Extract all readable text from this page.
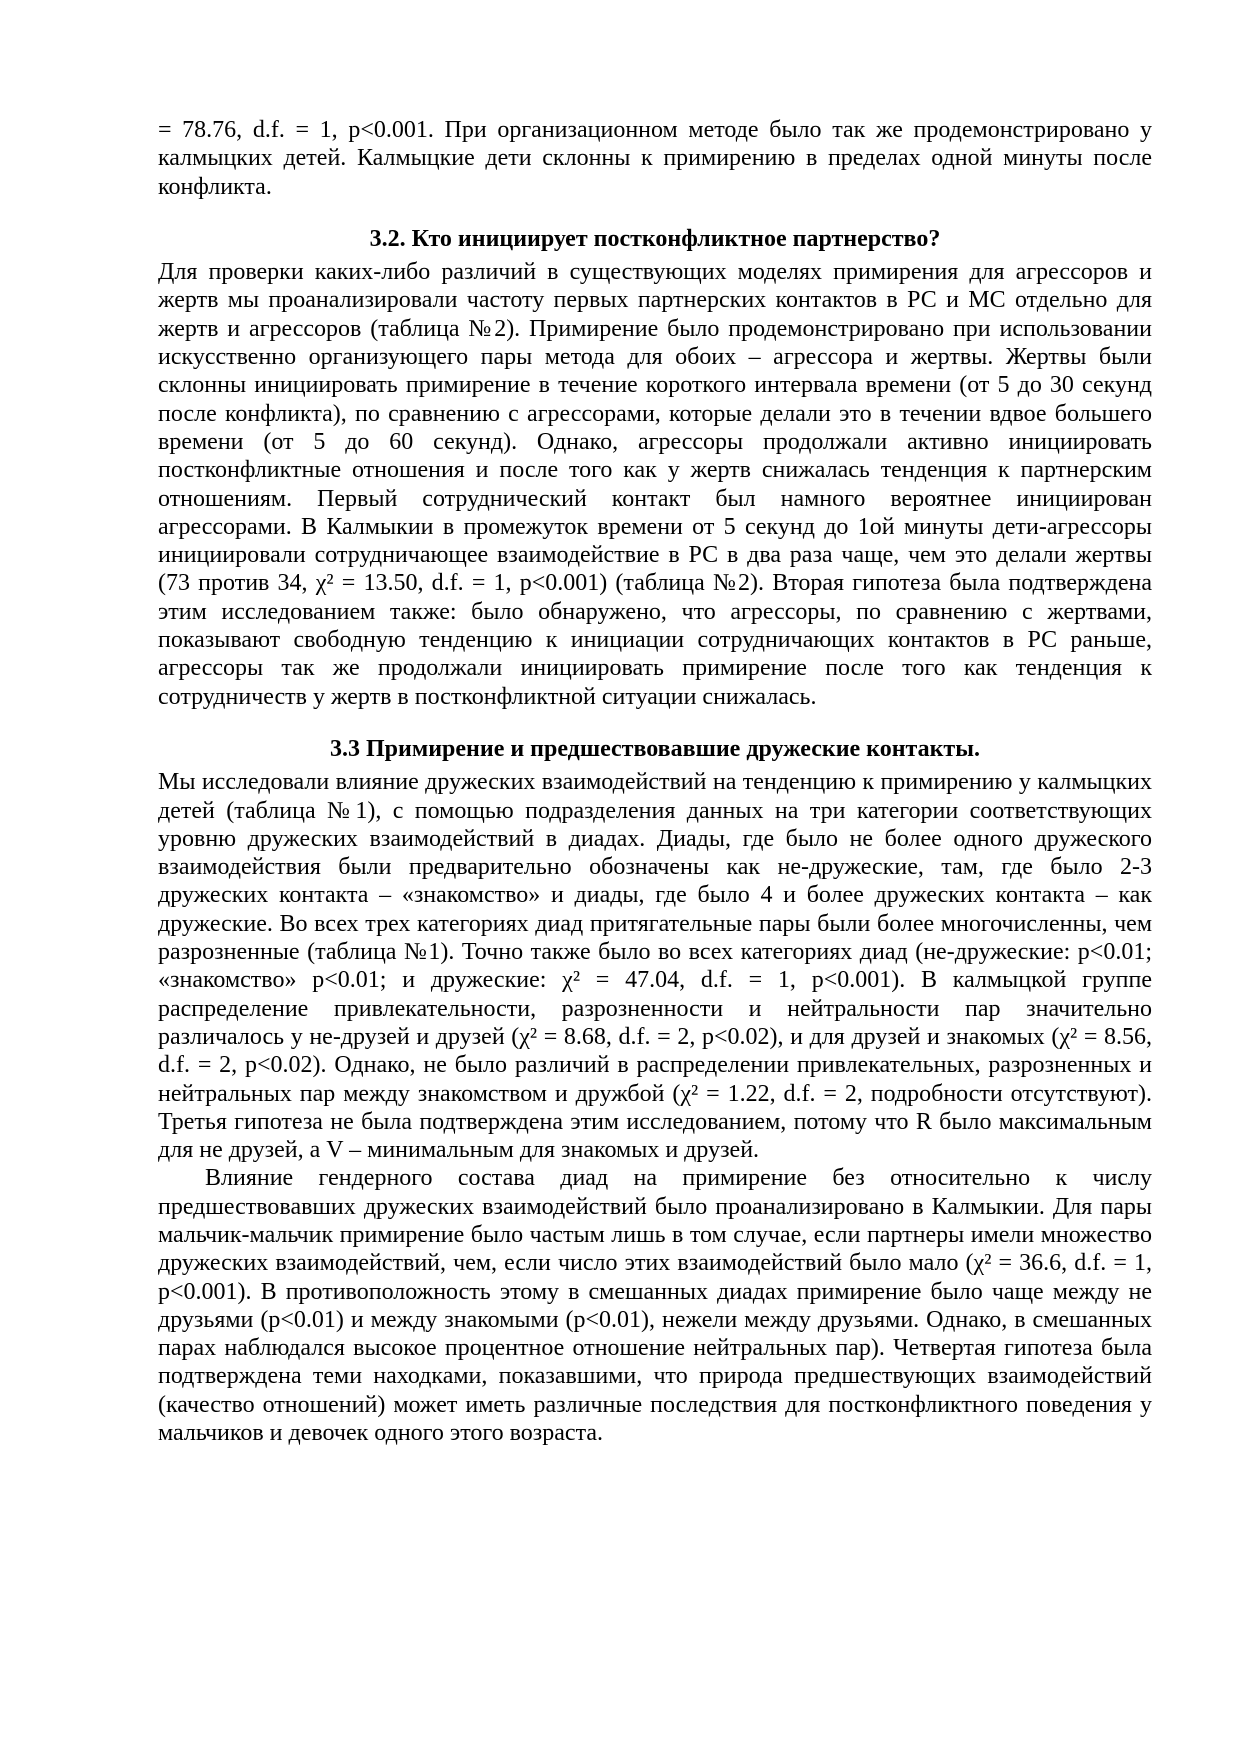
= 78.76, d.f. = 1, p<0.001. При организационном методе было так же продемонстрировано у калмыцких детей. Калмыцкие дети склонны к примирению в пределах одной минуты после конфликта.

3.2. Кто инициирует постконфликтное партнерство?

Для проверки каких-либо различий в существующих моделях примирения для агрессоров и жертв мы проанализировали частоту первых партнерских контактов в РС и МС отдельно для жертв и агрессоров (таблица №2). Примирение было продемонстрировано при использовании искусственно организующего пары метода для обоих – агрессора и жертвы. Жертвы были склонны инициировать примирение в течение короткого интервала времени (от 5 до 30 секунд после конфликта), по сравнению с агрессорами, которые делали это в течении вдвое большего времени (от 5 до 60 секунд). Однако, агрессоры продолжали активно инициировать постконфликтные отношения и после того как у жертв снижалась тенденция к партнерским отношениям. Первый сотруднический контакт был намного вероятнее инициирован агрессорами. В Калмыкии в промежуток времени от 5 секунд до 1ой минуты дети-агрессоры инициировали сотрудничающее взаимодействие в РС в два раза чаще, чем это делали жертвы (73 против 34, χ² = 13.50, d.f. = 1, p<0.001) (таблица №2). Вторая гипотеза была подтверждена этим исследованием также: было обнаружено, что агрессоры, по сравнению с жертвами, показывают свободную тенденцию к инициации сотрудничающих контактов в РС раньше, агрессоры так же продолжали инициировать примирение после того как тенденция к сотрудничеств у жертв в постконфликтной ситуации снижалась.

3.3 Примирение и предшествовавшие дружеские контакты.

Мы исследовали влияние дружеских взаимодействий на тенденцию к примирению у калмыцких детей (таблица №1), с помощью подразделения данных на три категории соответствующих уровню дружеских взаимодействий в диадах. Диады, где было не более одного дружеского взаимодействия были предварительно обозначены как не-дружеские, там, где было 2-3 дружеских контакта – «знакомство» и диады, где было 4 и более дружеских контакта – как дружеские. Во всех трех категориях диад притягательные пары были более многочисленны, чем разрозненные (таблица №1). Точно также было во всех категориях диад (не-дружеские: p<0.01; «знакомство» p<0.01; и дружеские: χ² = 47.04, d.f. = 1, p<0.001). В калмыцкой группе распределение привлекательности, разрозненности и нейтральности пар значительно различалось у не-друзей и друзей (χ² = 8.68, d.f. = 2, p<0.02), и для друзей и знакомых (χ² = 8.56, d.f. = 2, p<0.02). Однако, не было различий в распределении привлекательных, разрозненных и нейтральных пар между знакомством и дружбой (χ² = 1.22, d.f. = 2, подробности отсутствуют). Третья гипотеза не была подтверждена этим исследованием, потому что R было максимальным для не друзей, а V – минимальным для знакомых и друзей.

Влияние гендерного состава диад на примирение без относительно к числу предшествовавших дружеских взаимодействий было проанализировано в Калмыкии. Для пары мальчик-мальчик примирение было частым лишь в том случае, если партнеры имели множество дружеских взаимодействий, чем, если число этих взаимодействий было мало (χ² = 36.6, d.f. = 1, p<0.001). В противоположность этому в смешанных диадах примирение было чаще между не друзьями (p<0.01) и между знакомыми (p<0.01), нежели между друзьями. Однако, в смешанных парах наблюдался высокое процентное отношение нейтральных пар). Четвертая гипотеза была подтверждена теми находками, показавшими, что природа предшествующих взаимодействий (качество отношений) может иметь различные последствия для постконфликтного поведения у мальчиков и девочек одного этого возраста.
